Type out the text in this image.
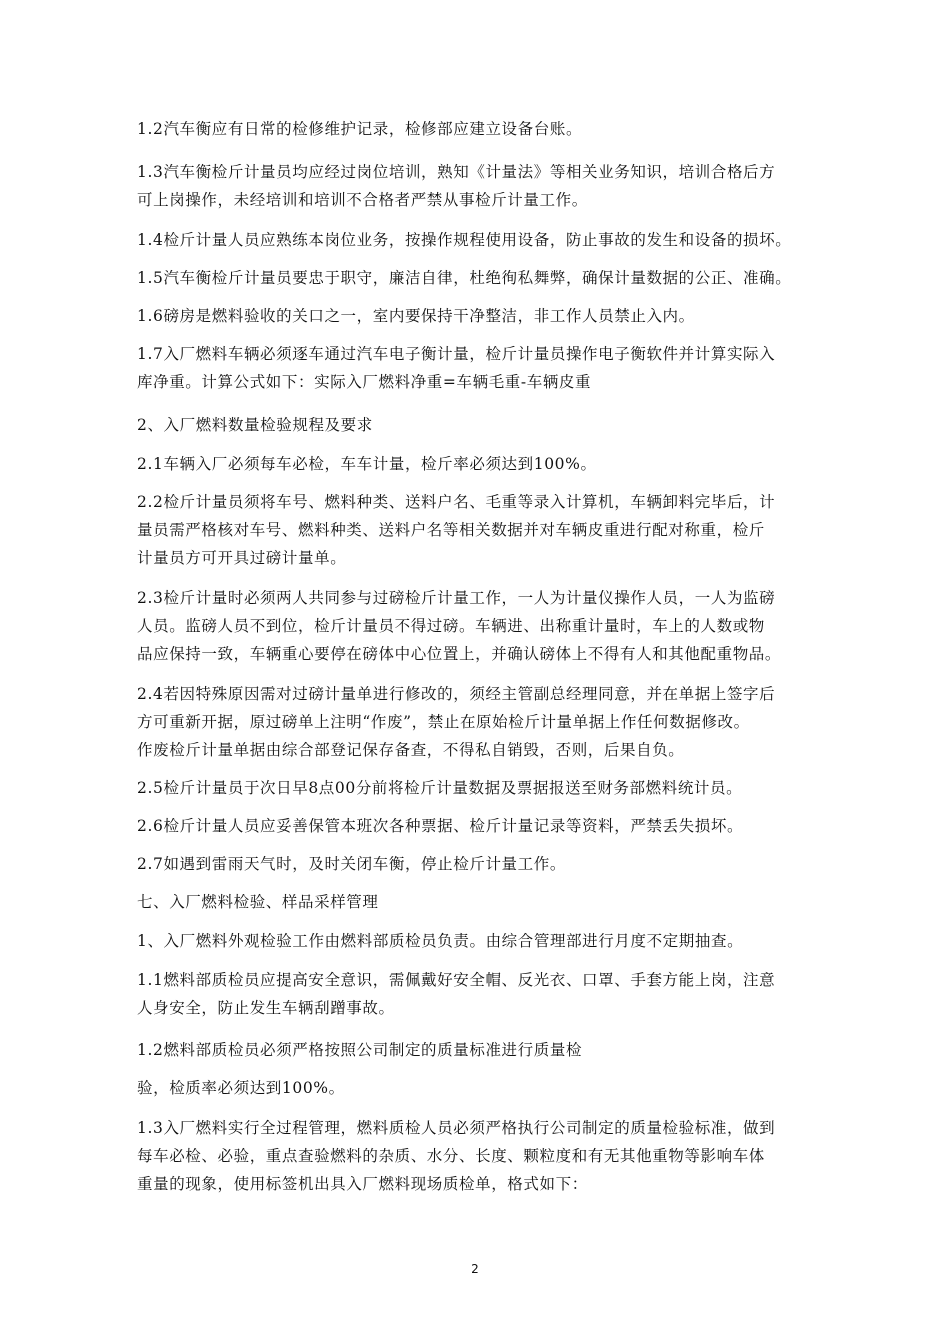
1.2汽车衡应有日常的检修维护记录，检修部应建立设备台账。
1.3汽车衡检斤计量员均应经过岗位培训，熟知《计量法》等相关业务知识，培训合格后方
可上岗操作，未经培训和培训不合格者严禁从事检斤计量工作。
1.4检斤计量人员应熟练本岗位业务，按操作规程使用设备，防止事故的发生和设备的损坏。
1.5汽车衡检斤计量员要忠于职守，廉洁自律，杜绝徇私舞弊，确保计量数据的公正、准确。
1.6磅房是燃料验收的关口之一，室内要保持干净整洁，非工作人员禁止入内。
1.7入厂燃料车辆必须逐车通过汽车电子衡计量，检斤计量员操作电子衡软件并计算实际入
库净重。计算公式如下：实际入厂燃料净重=车辆毛重-车辆皮重
2、入厂燃料数量检验规程及要求
2.1车辆入厂必须每车必检，车车计量，检斤率必须达到100%。
2.2检斤计量员须将车号、燃料种类、送料户名、毛重等录入计算机，车辆卸料完毕后，计
量员需严格核对车号、燃料种类、送料户名等相关数据并对车辆皮重进行配对称重，检斤
计量员方可开具过磅计量单。
2.3检斤计量时必须两人共同参与过磅检斤计量工作，一人为计量仪操作人员，一人为监磅
人员。监磅人员不到位，检斤计量员不得过磅。车辆进、出称重计量时，车上的人数或物
品应保持一致，车辆重心要停在磅体中心位置上，并确认磅体上不得有人和其他配重物品。
2.4若因特殊原因需对过磅计量单进行修改的，须经主管副总经理同意，并在单据上签字后
方可重新开据，原过磅单上注明“作废”，禁止在原始检斤计量单据上作任何数据修改。
作废检斤计量单据由综合部登记保存备查，不得私自销毁，否则，后果自负。
2.5检斤计量员于次日早8点00分前将检斤计量数据及票据报送至财务部燃料统计员。
2.6检斤计量人员应妥善保管本班次各种票据、检斤计量记录等资料，严禁丢失损坏。
2.7如遇到雷雨天气时，及时关闭车衡，停止检斤计量工作。
七、入厂燃料检验、样品采样管理
1、入厂燃料外观检验工作由燃料部质检员负责。由综合管理部进行月度不定期抽查。
1.1燃料部质检员应提高安全意识，需佩戴好安全帽、反光衣、口罩、手套方能上岗，注意
人身安全，防止发生车辆刮蹭事故。
1.2燃料部质检员必须严格按照公司制定的质量标准进行质量检
验，检质率必须达到100%。
1.3入厂燃料实行全过程管理，燃料质检人员必须严格执行公司制定的质量检验标准，做到
每车必检、必验，重点查验燃料的杂质、水分、长度、颗粒度和有无其他重物等影响车体
重量的现象，使用标签机出具入厂燃料现场质检单，格式如下：
2
